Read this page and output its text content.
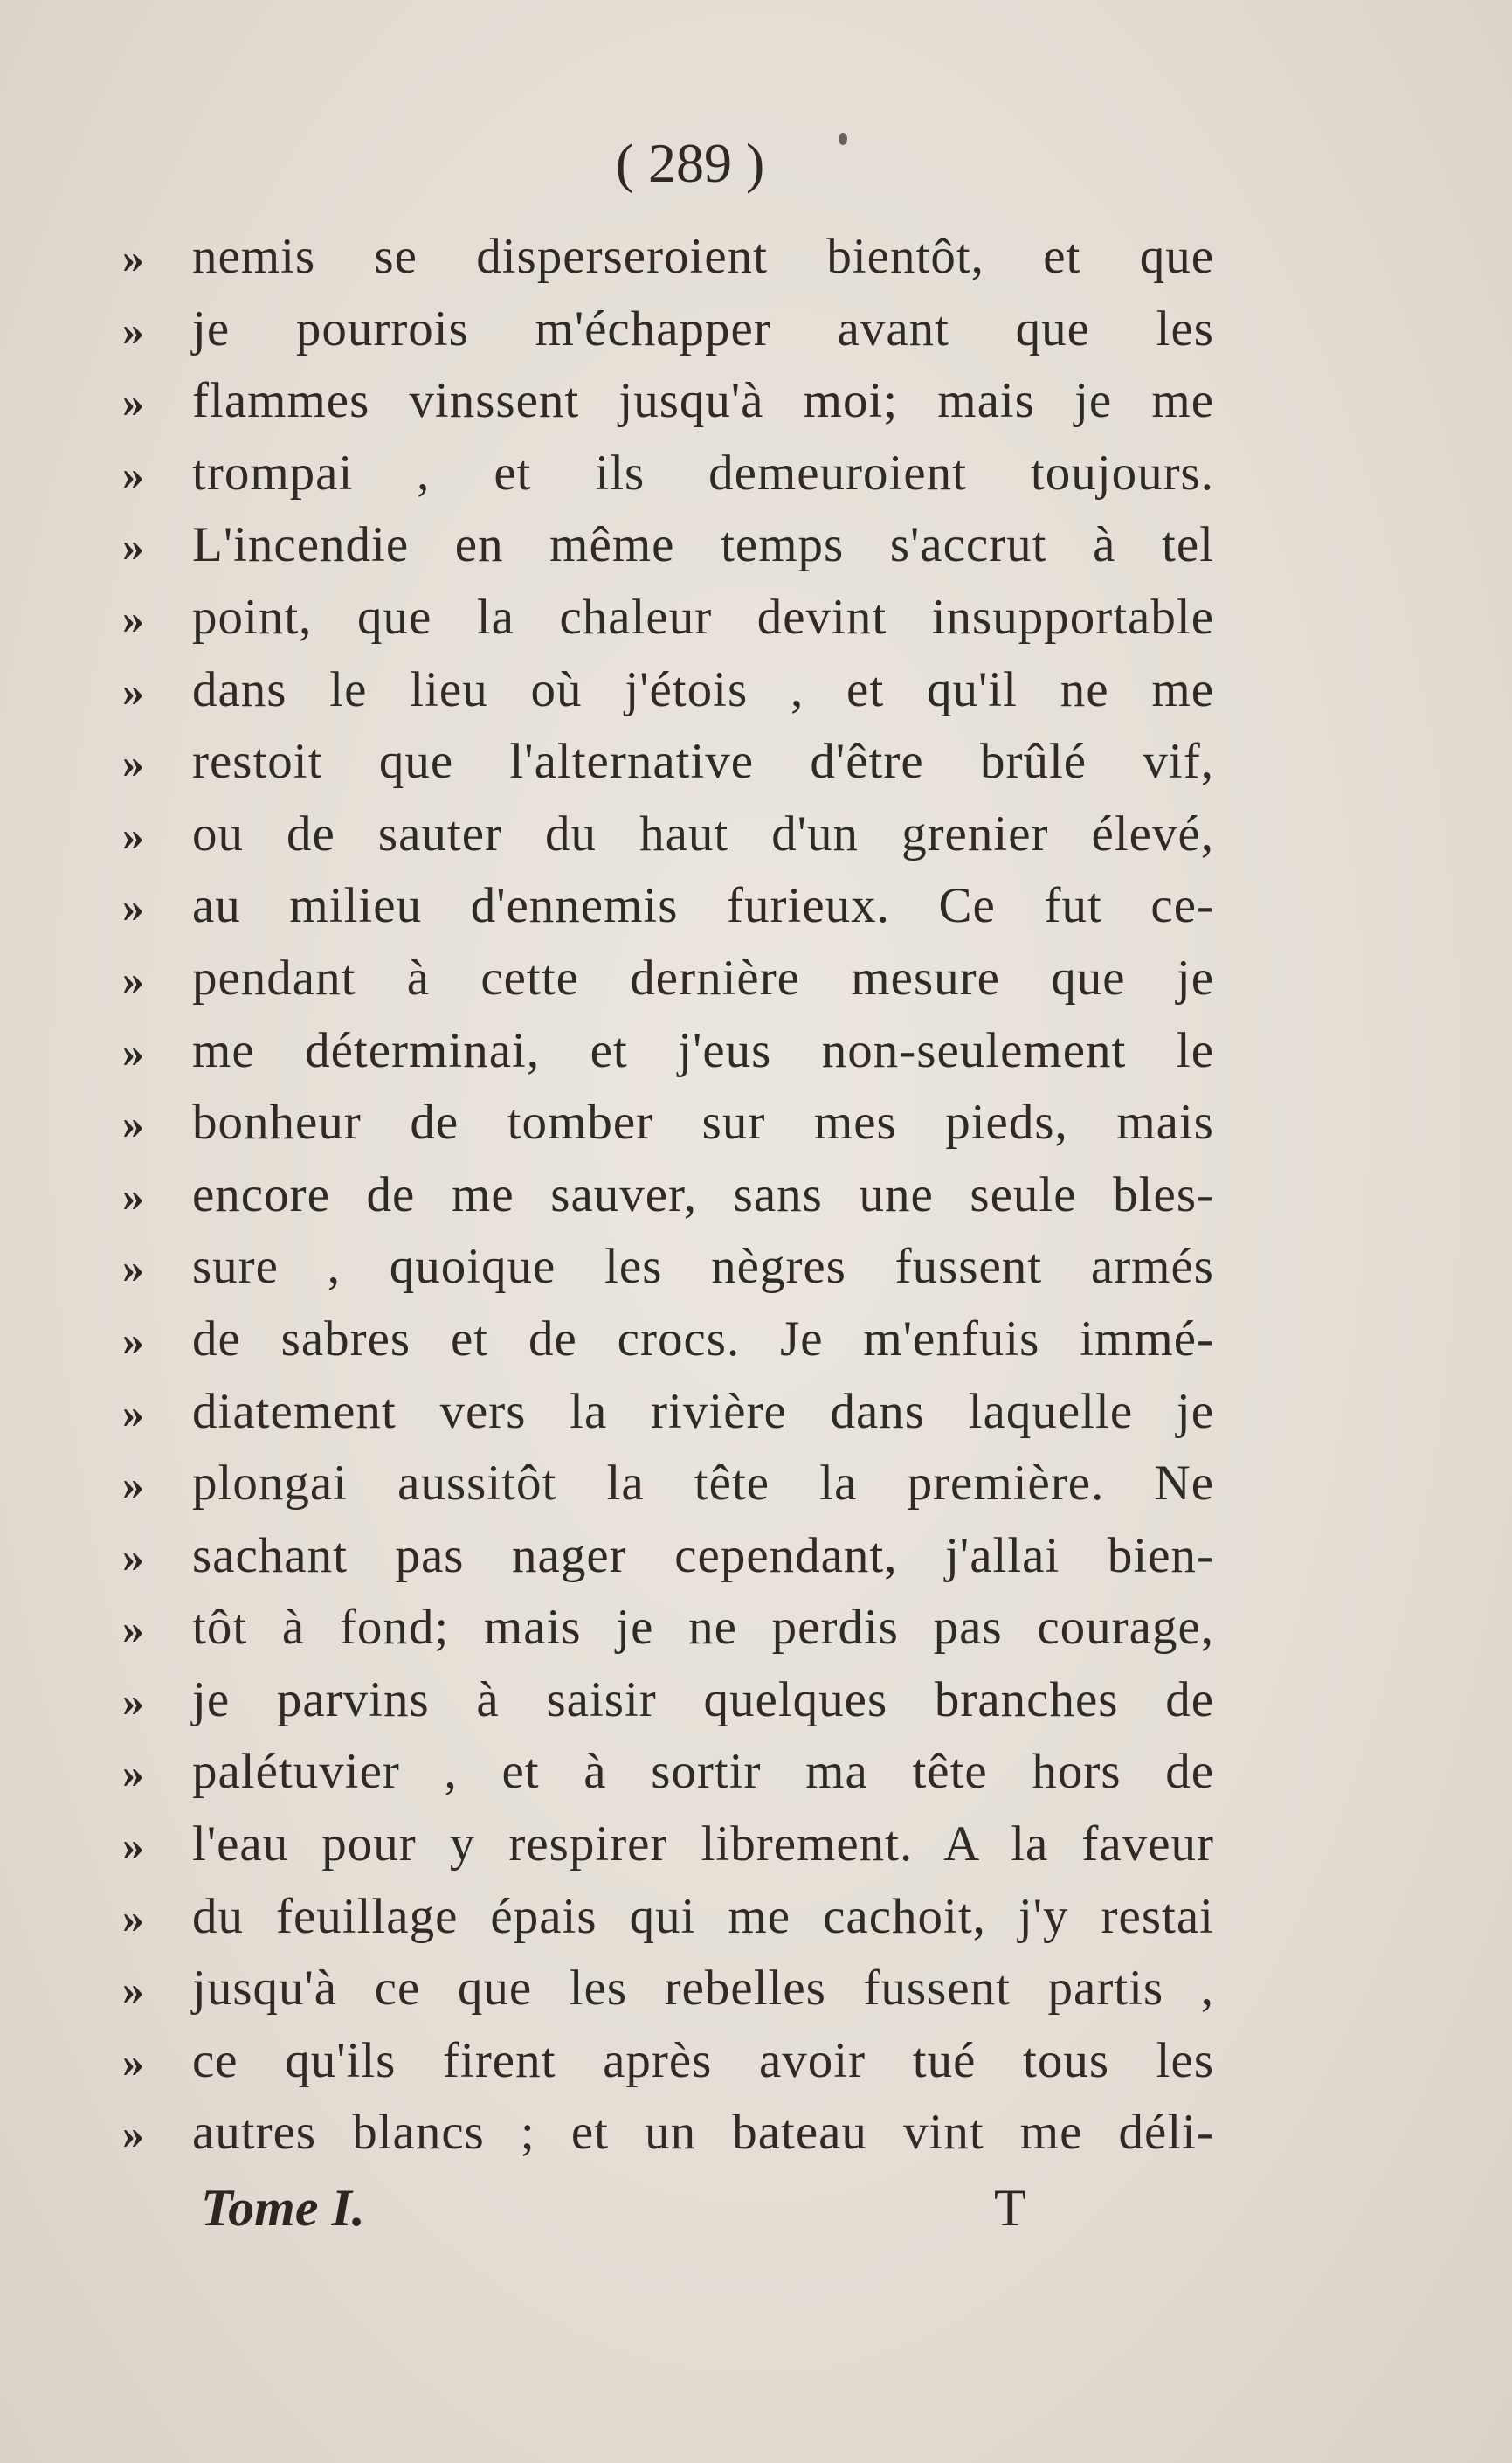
( 289 )
» nemis se disperseroient bientôt, et que
» je pourrois m'échapper avant que les
» flammes vinssent jusqu'à moi; mais je me
» trompai , et ils demeuroient toujours.
» L'incendie en même temps s'accrut à tel
» point, que la chaleur devint insupportable
» dans le lieu où j'étois , et qu'il ne me
» restoit que l'alternative d'être brûlé vif,
» ou de sauter du haut d'un grenier élevé,
» au milieu d'ennemis furieux. Ce fut ce-
» pendant à cette dernière mesure que je
» me déterminai, et j'eus non-seulement le
» bonheur de tomber sur mes pieds, mais
» encore de me sauver, sans une seule bles-
» sure , quoique les nègres fussent armés
» de sabres et de crocs. Je m'enfuis immé-
» diatement vers la rivière dans laquelle je
» plongai aussitôt la tête la première. Ne
» sachant pas nager cependant, j'allai bien-
» tôt à fond; mais je ne perdis pas courage,
» je parvins à saisir quelques branches de
» palétuvier , et à sortir ma tête hors de
» l'eau pour y respirer librement. A la faveur
» du feuillage épais qui me cachoit, j'y restai
» jusqu'à ce que les rebelles fussent partis ,
» ce qu'ils firent après avoir tué tous les
» autres blancs ; et un bateau vint me déli-
Tome I.	T
